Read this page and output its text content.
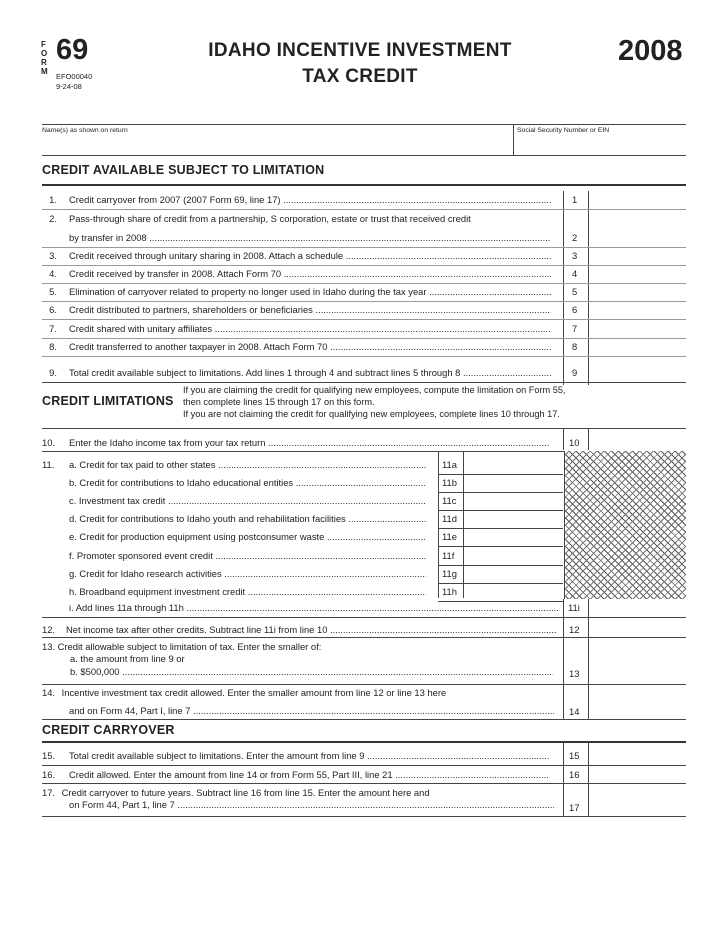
F
O
R
M
69
EFO00040
9-24-08
IDAHO INCENTIVE INVESTMENT
TAX CREDIT
2008
Name(s) as shown on return	Social Security Number or EIN
CREDIT AVAILABLE SUBJECT TO LIMITATION
1. Credit carryover from 2007 (2007 Form 69, line 17) .....	1
2. Pass-through share of credit from a partnership, S corporation, estate or trust that received credit
by transfer in 2008 .....	2
3. Credit received through unitary sharing in 2008. Attach a schedule .....	3
4. Credit received by transfer in 2008. Attach Form 70 .....	4
5. Elimination of carryover related to property no longer used in Idaho during the tax year .....	5
6. Credit distributed to partners, shareholders or beneficiaries .....	6
7. Credit shared with unitary affiliates .....	7
8. Credit transferred to another taxpayer in 2008. Attach Form 70 .....	8
9. Total credit available subject to limitations. Add lines 1 through 4 and subtract lines 5 through 8 .....	9
CREDIT LIMITATIONS
If you are claiming the credit for qualifying new employees, compute the limitation on Form 55,
then complete lines 15 through 17 on this form.
If you are not claiming the credit for qualifying new employees, complete lines 10 through 17.
10.	Enter the Idaho income tax from your tax return .....	10
11. a. Credit for tax paid to other states .....	11a
b. Credit for contributions to Idaho educational entities .....	11b
c. Investment tax credit .....	11c
d. Credit for contributions to Idaho youth and rehabilitation facilities .....	11d
e. Credit for production equipment using postconsumer waste .....	11e
f. Promoter sponsored event credit .....	11f
g. Credit for Idaho research activities .....	11g
h. Broadband equipment investment credit .....	11h
i. Add lines 11a through 11h .....	11i
12.	Net income tax after other credits. Subtract line 11i from line 10 .....	12
13. Credit allowable subject to limitation of tax. Enter the smaller of:
a. the amount from line 9 or
b. $500,000 .....	13
14. Incentive investment tax credit allowed. Enter the smaller amount from line 12 or line 13 here
and on Form 44, Part I, line 7 .....	14
CREDIT CARRYOVER
15.	Total credit available subject to limitations. Enter the amount from line 9 .....	15
16.	Credit allowed. Enter the amount from line 14 or from Form 55, Part III, line 21 .....	16
17. Credit carryover to future years. Subtract line 16 from line 15. Enter the amount here and
on Form 44, Part 1, line 7 .....	17
